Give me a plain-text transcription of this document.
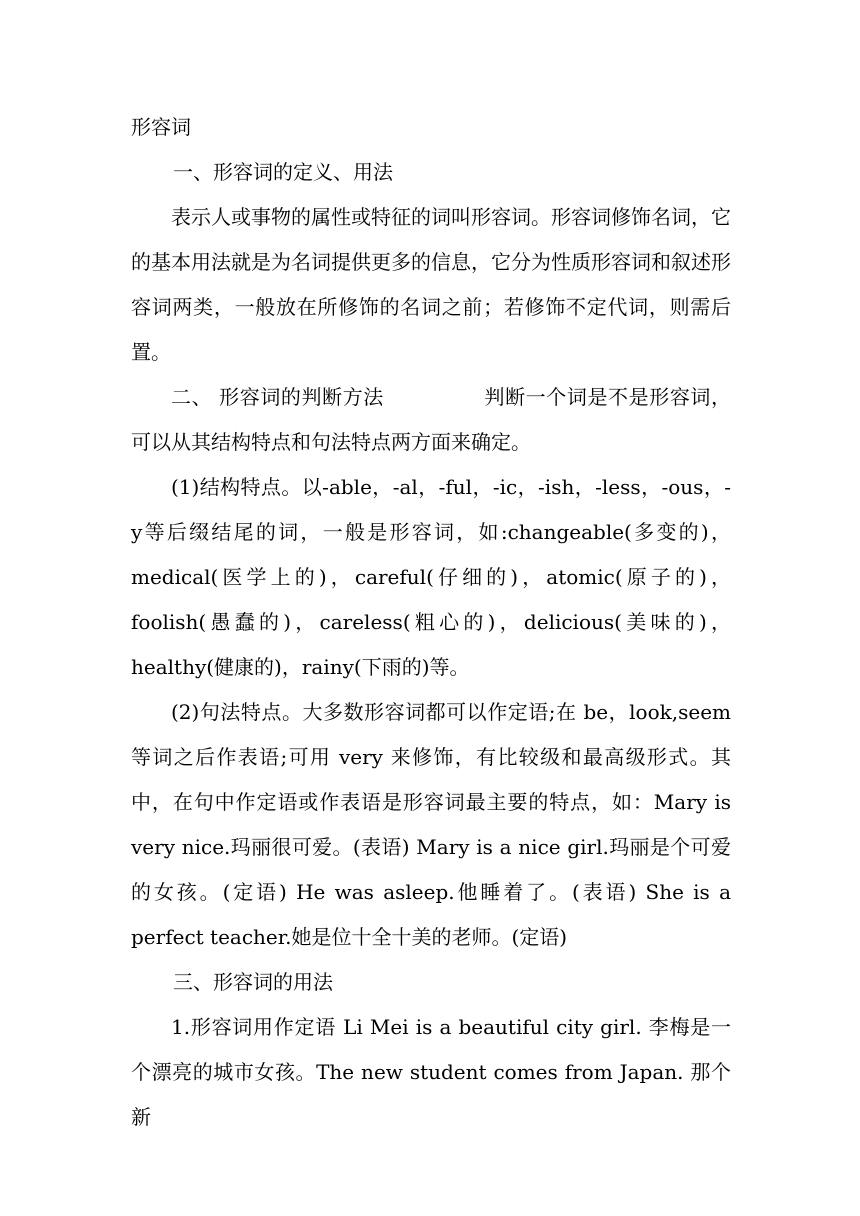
形容词

一、形容词的定义、用法

表示人或事物的属性或特征的词叫形容词。形容词修饰名词，它的基本用法就是为名词提供更多的信息，它分为性质形容词和叙述形容词两类，一般放在所修饰的名词之前；若修饰不定代词，则需后置。

二、 形容词的判断方法	判断一个词是不是形容词，可以从其结构特点和句法特点两方面来确定。

(1)结构特点。以-able，-al，-ful，-ic，-ish，-less，-ous，-y等后缀结尾的词，一般是形容词，如:changeable(多变的)，medical(医学上的)，careful(仔细的)，atomic(原子的)，foolish(愚蠢的)，careless(粗心的)，delicious(美味的)，healthy(健康的)，rainy(下雨的)等。

(2)句法特点。大多数形容词都可以作定语;在 be，look,seem等词之后作表语;可用 very 来修饰，有比较级和最高级形式。其中，在句中作定语或作表语是形容词最主要的特点，如：Mary is very nice.玛丽很可爱。(表语) Mary is a nice girl.玛丽是个可爱的女孩。(定语) He was asleep.他睡着了。(表语) She is a perfect teacher.她是位十全十美的老师。(定语)

三、形容词的用法

1.形容词用作定语 Li Mei is a beautiful city girl. 李梅是一个漂亮的城市女孩。The new student comes from Japan. 那个新
